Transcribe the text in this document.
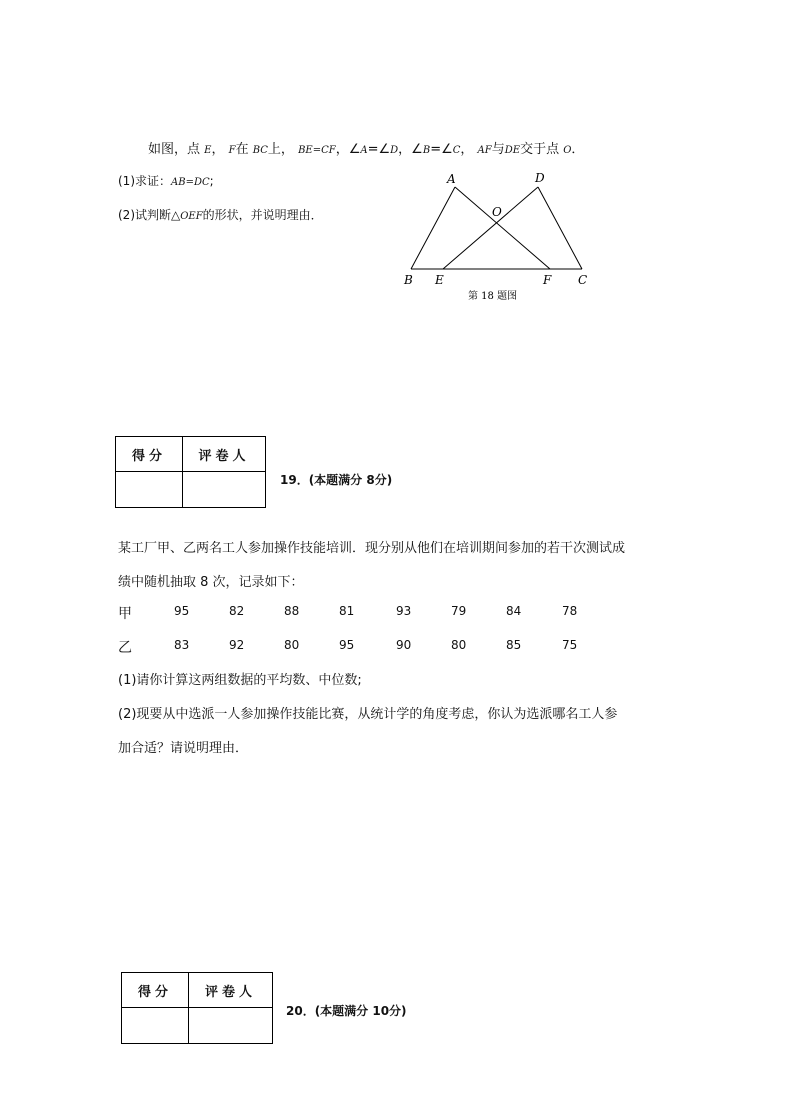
如图，点 E， F在 BC上， BE=CF，∠A=∠D，∠B=∠C， AF与DE交于点 O．
(1)求证：AB=DC;
(2)试判断△OEF的形状，并说明理由．
A	D
O
B E	F C
第 18 题图
得分	评卷人

19．(本题满分 8分)
某工厂甲、乙两名工人参加操作技能培训．现分别从他们在培训期间参加的若干次测试成
绩中随机抽取 8 次，记录如下：
甲	95	82	88	81	93	79	84	78
乙	83	92	80	95	90	80	85	75
(1)请你计算这两组数据的平均数、中位数;
(2)现要从中选派一人参加操作技能比赛，从统计学的角度考虑，你认为选派哪名工人参
加合适？请说明理由．
得分	评卷人

20．(本题满分 10分)
